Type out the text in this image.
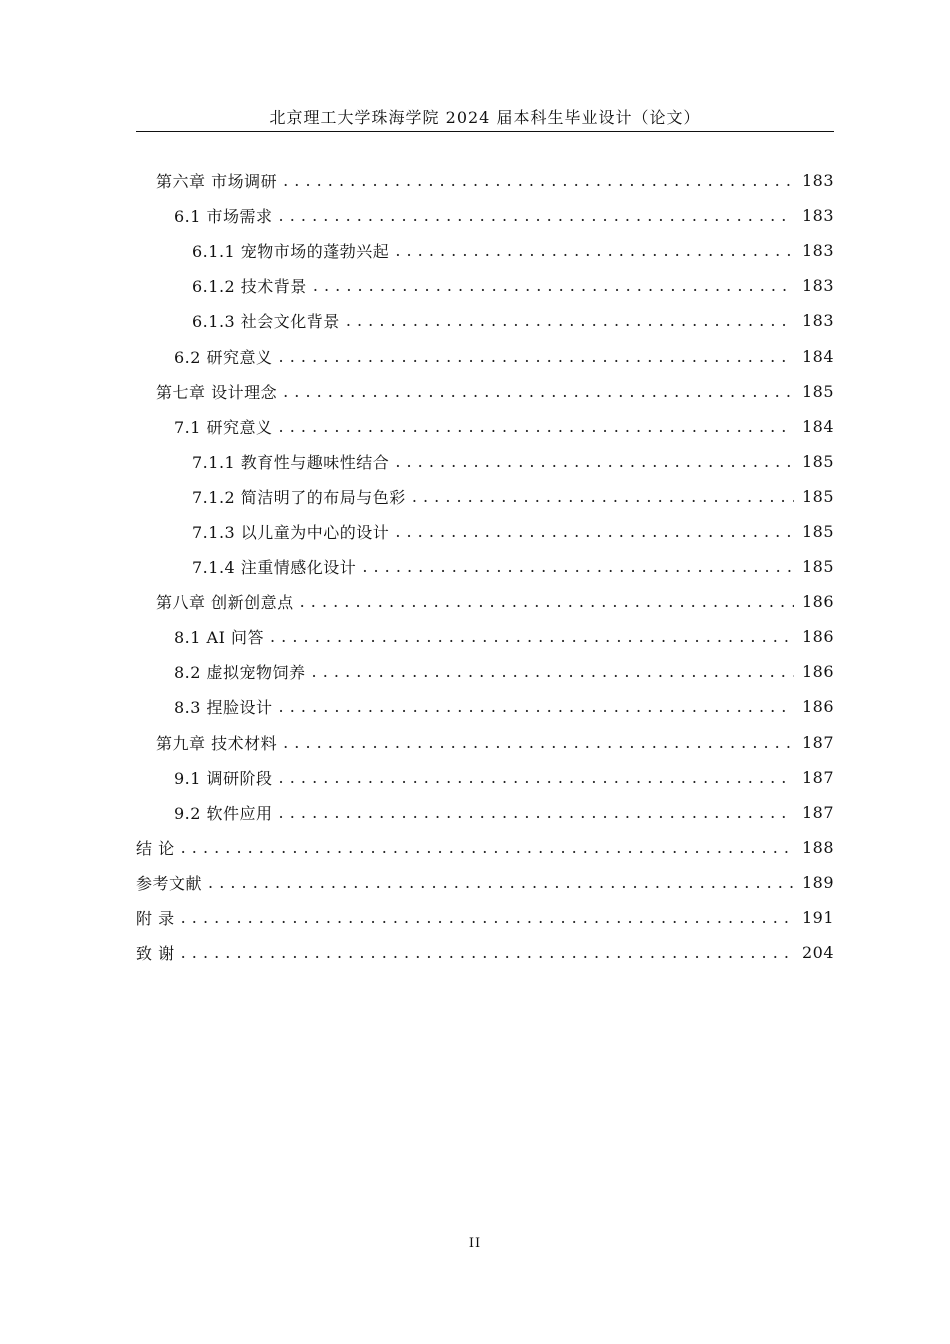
北京理工大学珠海学院 2024 届本科生毕业设计（论文）
第六章 市场调研 . . .	183
6.1 市场需求 . . .	183
6.1.1 宠物市场的蓬勃兴起 . . .	183
6.1.2 技术背景 . . .	183
6.1.3 社会文化背景 . . .	183
6.2 研究意义 . . .	184
第七章 设计理念 . . .	185
7.1 研究意义 . . .	184
7.1.1 教育性与趣味性结合 . . .	185
7.1.2 简洁明了的布局与色彩 . . .	185
7.1.3 以儿童为中心的设计 . . .	185
7.1.4 注重情感化设计 . . .	185
第八章 创新创意点 . . .	186
8.1 AI 问答 . . .	186
8.2 虚拟宠物饲养 . . .	186
8.3 捏脸设计 . . .	186
第九章 技术材料 . . .	187
9.1 调研阶段 . . .	187
9.2 软件应用 . . .	187
结 论 . . .	188
参考文献 . . .	189
附 录 . . .	191
致 谢 . . .	204
II
